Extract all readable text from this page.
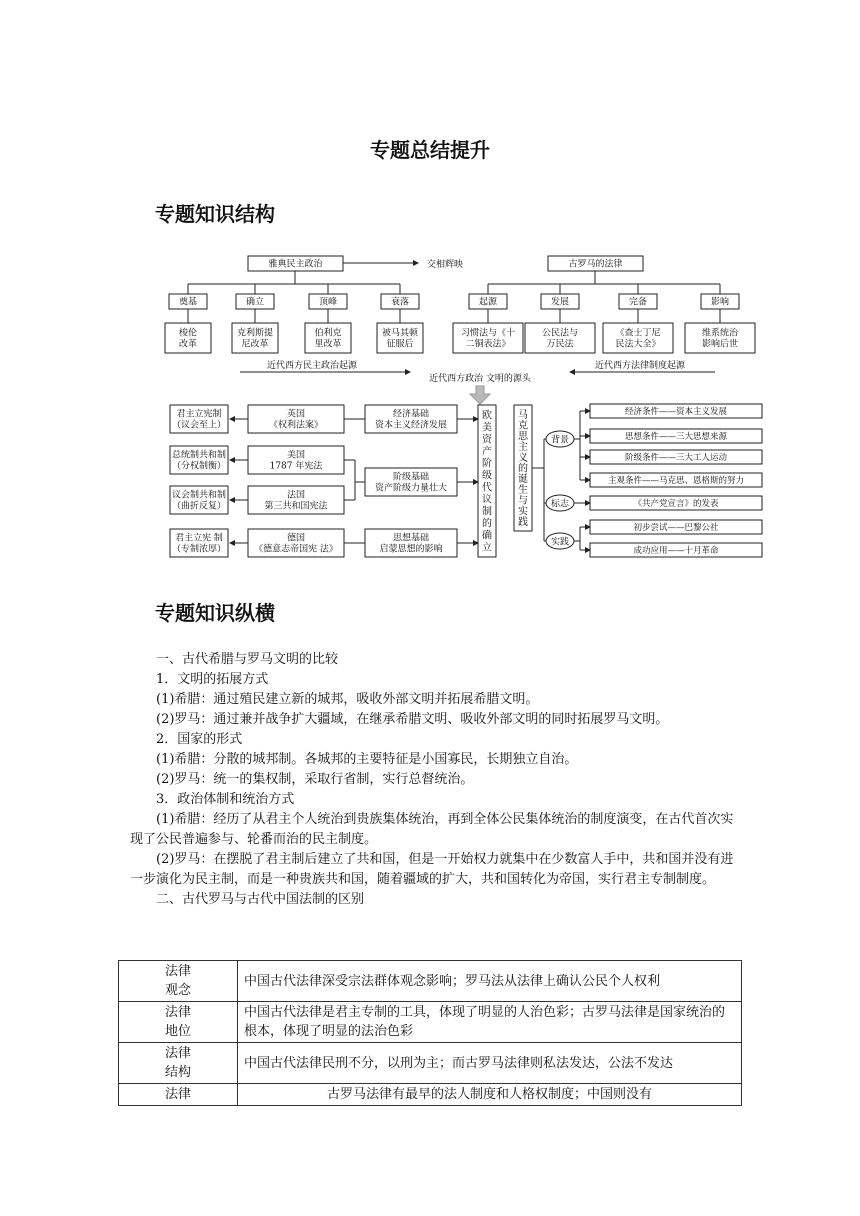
专题总结提升
专题知识结构
雅典民主政治	古罗马的法律
交相辉映
奠基
梭伦
改革
确立
克利斯提
尼改革
顶峰
伯利克
里改革
衰落
被马其顿
征服后
起源
习惯法与《十
二铜表法》
发展
公民法与
万民法
完备
《查士丁尼
民法大全》
影响
维系统治
影响后世
近代西方民主政治起源	近代西方法律制度起源
近代西方政治 文明的源头
君主立宪制
（议会至上）
总统制共和制
（分权制衡）
议会制共和制
（曲折反复）
君主立宪 制
（专制浓厚）
英国
《权利法案》
美国
1787 年宪法
法国
第三共和国宪法
德国
《德意志帝国宪 法》
经济基础
资本主义经济发展
阶级基础
资产阶级力量壮大
思想基础
启蒙思想的影响
欧
美
资
产
阶
级
代
议
制
的
确
立
马
克
思
主
义
的
诞
生
与
实
践
背景
标志
实践
经济条件——资本主义发展
思想条件——三大思想来源
阶级条件——三大工人运动
主观条件——马克思、恩格斯的努力
《共产党宣言》的发表
初步尝试——巴黎公社
成功应用——十月革命
专题知识纵横

一、古代希腊与罗马文明的比较

1．文明的拓展方式

(1)希腊：通过殖民建立新的城邦，吸收外部文明并拓展希腊文明。

(2)罗马：通过兼并战争扩大疆域，在继承希腊文明、吸收外部文明的同时拓展罗马文明。

2．国家的形式

(1)希腊：分散的城邦制。各城邦的主要特征是小国寡民，长期独立自治。

(2)罗马：统一的集权制，采取行省制，实行总督统治。

3．政治体制和统治方式

(1)希腊：经历了从君主个人统治到贵族集体统治，再到全体公民集体统治的制度演变，在古代首次实现了公民普遍参与、轮番而治的民主制度。

(2)罗马：在摆脱了君主制后建立了共和国，但是一开始权力就集中在少数富人手中，共和国并没有进一步演化为民主制，而是一种贵族共和国，随着疆域的扩大，共和国转化为帝国，实行君主专制制度。

二、古代罗马与古代中国法制的区别

法律
观念	中国古代法律深受宗法群体观念影响；罗马法从法律上确认公民个人权利
法律
地位	中国古代法律是君主专制的工具，体现了明显的人治色彩；古罗马法律是国家统治的根本，体现了明显的法治色彩
法律
结构	中国古代法律民刑不分，以刑为主；而古罗马法律则私法发达，公法不发达
法律	古罗马法律有最早的法人制度和人格权制度；中国则没有
